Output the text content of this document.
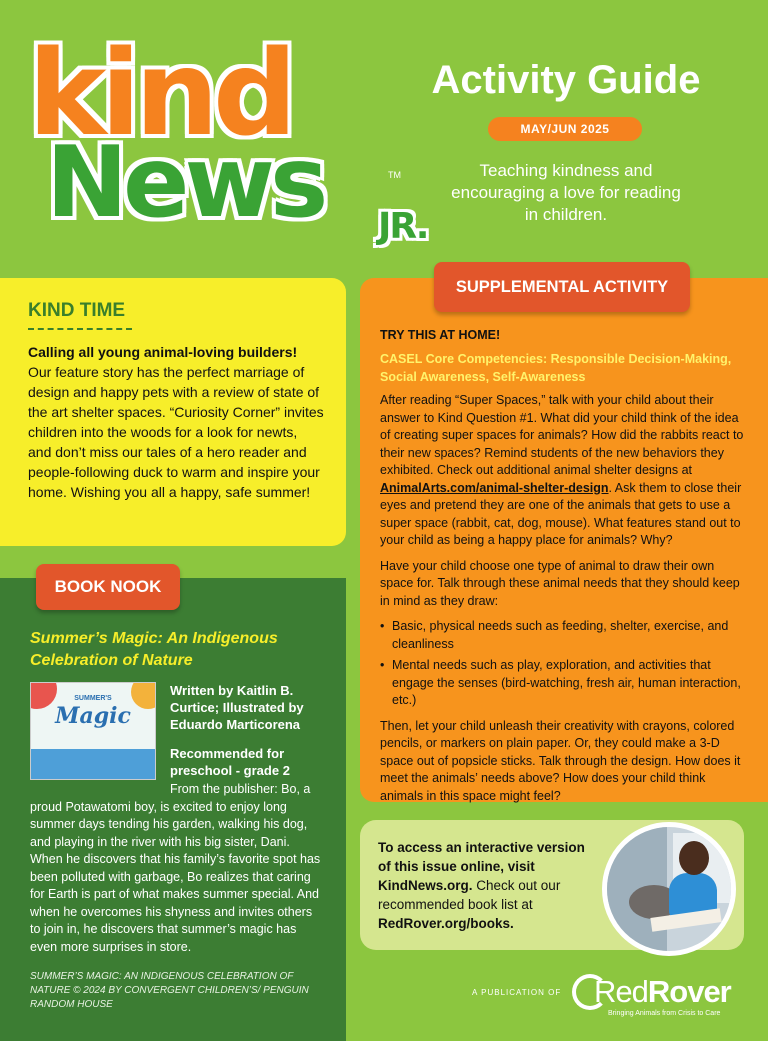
kind
News	TM
JR.
Activity Guide
MAY/JUN 2025
Teaching kindness and encouraging a love for reading in children.
KIND TIME
Calling all young animal-loving builders!
Our feature story has the perfect marriage of design and happy pets with a review of state of the art shelter spaces. “Curiosity Corner” invites children into the woods for a look for newts, and don’t miss our tales of a hero reader and people-following duck to warm and inspire your home. Wishing you all a happy, safe summer!
Summer’s Magic: An Indigenous Celebration of Nature
SUMMER'S
Magic
Written by Kaitlin B. Curtice; Illustrated by Eduardo Marticorena
Recommended for preschool - grade 2
From the publisher: Bo, a
proud Potawatomi boy, is excited to enjoy long summer days tending his garden, walking his dog, and playing in the river with his big sister, Dani. When he discovers that his family’s favorite spot has been polluted with garbage, Bo realizes that caring for Earth is part of what makes summer special. And when he overcomes his shyness and invites others to join in, he discovers that summer’s magic has even more surprises in store.
SUMMER’S MAGIC: AN INDIGENOUS CELEBRATION OF NATURE © 2024 BY CONVERGENT CHILDREN’S/ PENGUIN RANDOM HOUSE
BOOK NOOK
TRY THIS AT HOME!
CASEL Core Competencies: Responsible Decision-Making, Social Awareness, Self-Awareness

After reading “Super Spaces,” talk with your child about their answer to Kind Question #1. What did your child think of the idea of creating super spaces for animals? How did the rabbits react to their new spaces? Remind students of the new behaviors they exhibited. Check out additional animal shelter designs at AnimalArts.com/animal-shelter-design. Ask them to close their eyes and pretend they are one of the animals that gets to use a super space (rabbit, cat, dog, mouse). What features stand out to your child as being a happy place for animals? Why?

Have your child choose one type of animal to draw their own space for. Talk through these animal needs that they should keep in mind as they draw:

• Basic, physical needs such as feeding, shelter, exercise, and cleanliness
• Mental needs such as play, exploration, and activities that engage the senses (bird-watching, fresh air, human interaction, etc.)

Then, let your child unleash their creativity with crayons, colored pencils, or markers on plain paper. Or, they could make a 3-D space out of popsicle sticks. Talk through the design. How does it meet the animals’ needs above? How does your child think animals in this space might feel?

SUPPLEMENTAL ACTIVITY
To access an interactive version of this issue online, visit KindNews.org. Check out our recommended book list at RedRover.org/books.
A PUBLICATION OF RedRover
Bringing Animals from Crisis to Care
